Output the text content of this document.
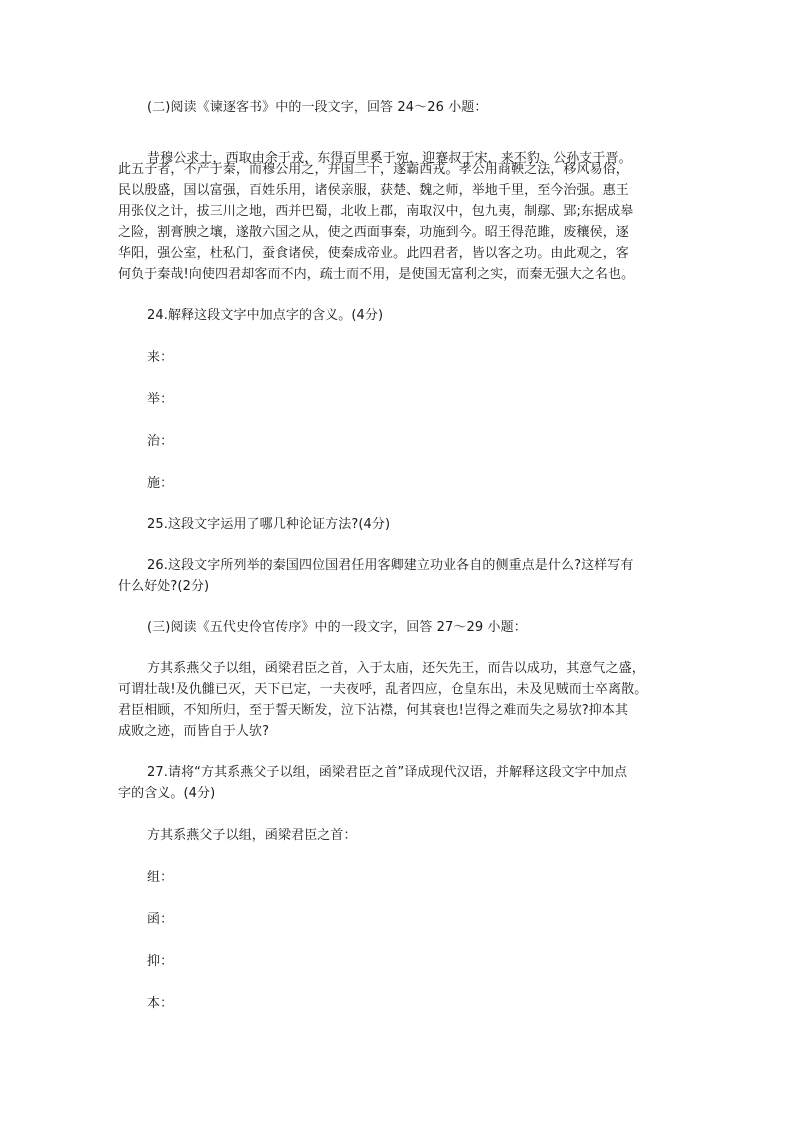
(二)阅读《谏逐客书》中的一段文字，回答 24～26 小题：
昔穆公求士，西取由余于戎，东得百里奚于宛，迎蹇叔于宋，来丕豹、公孙支于晋。
此五子者，不产于秦，而穆公用之，并国二十，遂霸西戎。孝公用商鞅之法，移风易俗，
民以殷盛，国以富强，百姓乐用，诸侯亲服，获楚、魏之师，举地千里，至今治强。惠王
用张仪之计，拔三川之地，西并巴蜀，北收上郡，南取汉中，包九夷，制鄢、郢;东据成皋
之险，割膏腴之壤，遂散六国之从，使之西面事秦，功施到今。昭王得范雎，废穰侯，逐
华阳，强公室，杜私门，蚕食诸侯，使秦成帝业。此四君者，皆以客之功。由此观之，客
何负于秦哉!向使四君却客而不内，疏士而不用，是使国无富利之实，而秦无强大之名也。
24.解释这段文字中加点字的含义。(4分)
来：
举：
治：
施：
25.这段文字运用了哪几种论证方法?(4分)
26.这段文字所列举的秦国四位国君任用客卿建立功业各自的侧重点是什么?这样写有
什么好处?(2分)
(三)阅读《五代史伶官传序》中的一段文字，回答 27～29 小题：
方其系燕父子以组，函梁君臣之首，入于太庙，还矢先王，而告以成功，其意气之盛，
可谓壮哉!及仇雠已灭，天下已定，一夫夜呼，乱者四应，仓皇东出，未及见贼而士卒离散。
君臣相顾，不知所归，至于誓天断发，泣下沾襟，何其衰也!岂得之难而失之易欤?抑本其
成败之迹，而皆自于人欤?
27.请将“方其系燕父子以组，函梁君臣之首”译成现代汉语，并解释这段文字中加点
字的含义。(4分)
方其系燕父子以组，函梁君臣之首：
组：
函：
抑：
本：
